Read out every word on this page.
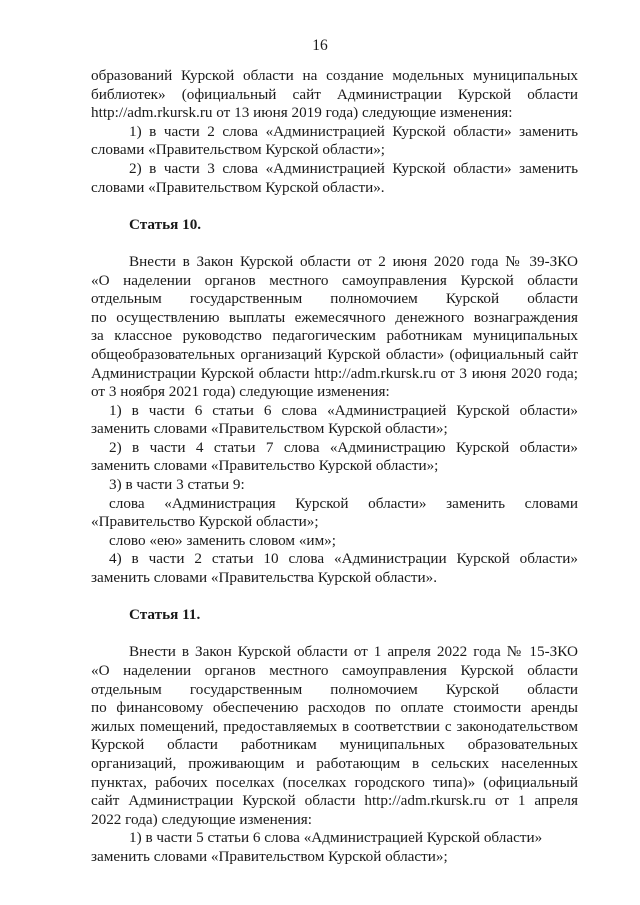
16
образований Курской области на создание модельных муниципальных
библиотек» (официальный сайт Администрации Курской области
http://adm.rkursk.ru от 13 июня 2019 года) следующие изменения:
1) в части 2 слова «Администрацией Курской области» заменить
словами «Правительством Курской области»;
2) в части 3 слова «Администрацией Курской области» заменить
словами «Правительством Курской области».
Статья 10.
Внести в Закон Курской области от 2 июня 2020 года № 39-ЗКО
«О наделении органов местного самоуправления Курской области
отдельным государственным полномочием Курской области
по осуществлению выплаты ежемесячного денежного вознаграждения
за классное руководство педагогическим работникам муниципальных
общеобразовательных организаций Курской области» (официальный сайт
Администрации Курской области http://adm.rkursk.ru от 3 июня 2020 года;
от 3 ноября 2021 года) следующие изменения:
1) в части 6 статьи 6 слова «Администрацией Курской области»
заменить словами «Правительством Курской области»;
2) в части 4 статьи 7 слова «Администрацию Курской области»
заменить словами «Правительство Курской области»;
3) в части 3 статьи 9:
слова «Администрация Курской области» заменить словами
«Правительство Курской области»;
слово «ею» заменить словом «им»;
4) в части 2 статьи 10 слова «Администрации Курской области»
заменить словами «Правительства Курской области».
Статья 11.
Внести в Закон Курской области от 1 апреля 2022 года № 15-ЗКО
«О наделении органов местного самоуправления Курской области
отдельным государственным полномочием Курской области
по финансовому обеспечению расходов по оплате стоимости аренды
жилых помещений, предоставляемых в соответствии с законодательством
Курской области работникам муниципальных образовательных
организаций, проживающим и работающим в сельских населенных
пунктах, рабочих поселках (поселках городского типа)» (официальный
сайт Администрации Курской области http://adm.rkursk.ru от 1 апреля
2022 года) следующие изменения:
1) в части 5 статьи 6 слова «Администрацией Курской области»
заменить словами «Правительством Курской области»;
